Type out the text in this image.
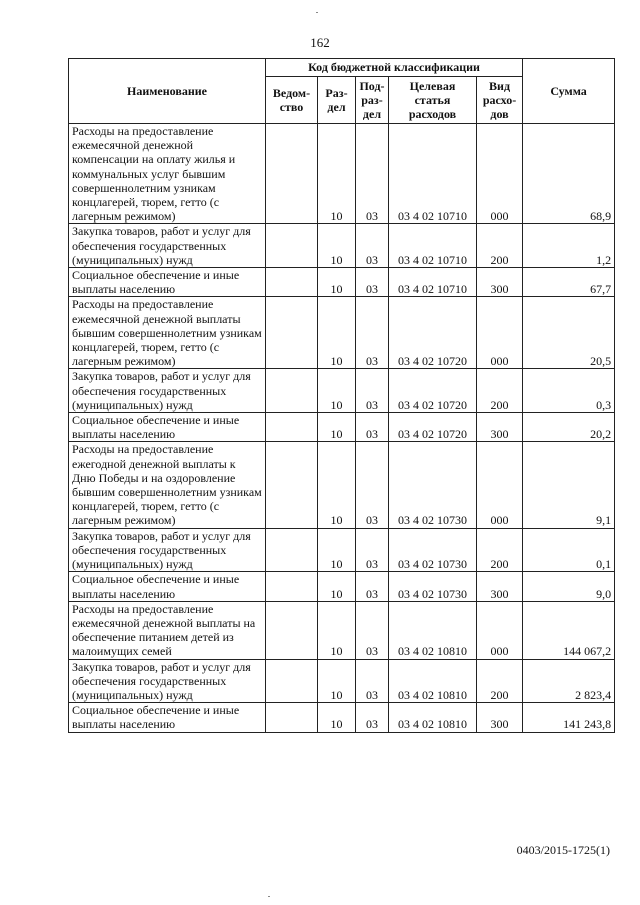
162
Наименование	Код бюджетной классификации					Сумма
	Ведом-ство	Раз-дел	Под-раз-дел	Целевая статья расходов	Вид расхо-дов	
Расходы на предоставление ежемесячной денежной компенсации на оплату жилья и коммунальных услуг бывшим совершеннолетним узникам концлагерей, тюрем, гетто (с лагерным режимом)		10	03	03 4 02 10710	000	68,9
Закупка товаров, работ и услуг для обеспечения государственных (муниципальных) нужд		10	03	03 4 02 10710	200	1,2
Социальное обеспечение и иные выплаты населению		10	03	03 4 02 10710	300	67,7
Расходы на предоставление ежемесячной денежной выплаты бывшим совершеннолетним узникам концлагерей, тюрем, гетто (с лагерным режимом)		10	03	03 4 02 10720	000	20,5
Закупка товаров, работ и услуг для обеспечения государственных (муниципальных) нужд		10	03	03 4 02 10720	200	0,3
Социальное обеспечение и иные выплаты населению		10	03	03 4 02 10720	300	20,2
Расходы на предоставление ежегодной денежной выплаты к Дню Победы и на оздоровление бывшим совершеннолетним узникам концлагерей, тюрем, гетто (с лагерным режимом)		10	03	03 4 02 10730	000	9,1
Закупка товаров, работ и услуг для обеспечения государственных (муниципальных) нужд		10	03	03 4 02 10730	200	0,1
Социальное обеспечение и иные выплаты населению		10	03	03 4 02 10730	300	9,0
Расходы на предоставление ежемесячной денежной выплаты на обеспечение питанием детей из малоимущих семей		10	03	03 4 02 10810	000	144 067,2
Закупка товаров, работ и услуг для обеспечения государственных (муниципальных) нужд		10	03	03 4 02 10810	200	2 823,4
Социальное обеспечение и иные выплаты населению		10	03	03 4 02 10810	300	141 243,8
0403/2015-1725(1)
